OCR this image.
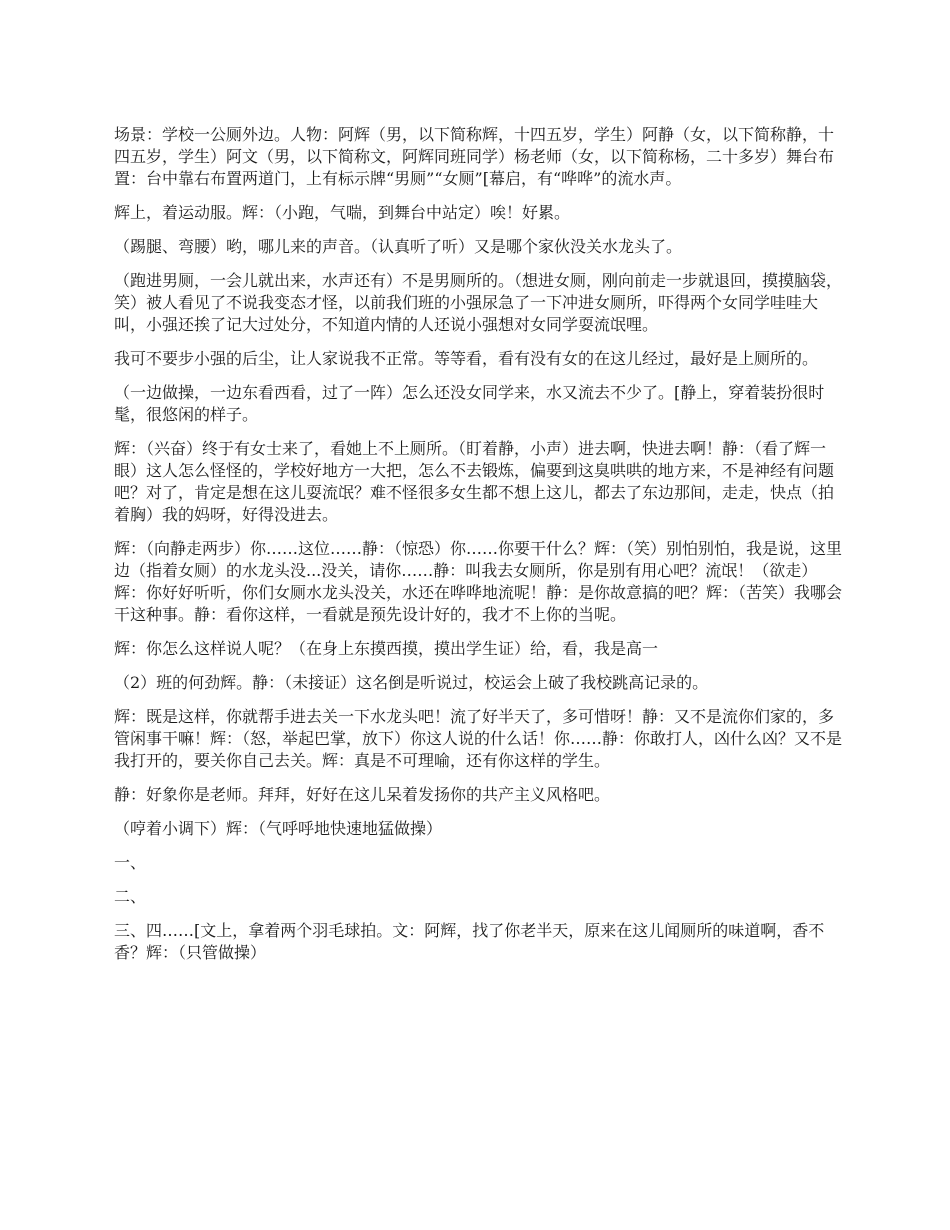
场景：学校一公厕外边。人物：阿辉（男，以下简称辉，十四五岁，学生）阿静（女，以下简称静，十四五岁，学生）阿文（男，以下简称文，阿辉同班同学）杨老师（女，以下简称杨，二十多岁）舞台布置：台中靠右布置两道门，上有标示牌“男厕”“女厕”[幕启，有“哗哗”的流水声。

辉上，着运动服。辉：（小跑，气喘，到舞台中站定）唉！好累。

（踢腿、弯腰）哟，哪儿来的声音。（认真听了听）又是哪个家伙没关水龙头了。

（跑进男厕，一会儿就出来，水声还有）不是男厕所的。（想进女厕，刚向前走一步就退回，摸摸脑袋，笑）被人看见了不说我变态才怪，以前我们班的小强尿急了一下冲进女厕所，吓得两个女同学哇哇大叫，小强还挨了记大过处分，不知道内情的人还说小强想对女同学耍流氓哩。

我可不要步小强的后尘，让人家说我不正常。等等看，看有没有女的在这儿经过，最好是上厕所的。

（一边做操，一边东看西看，过了一阵）怎么还没女同学来，水又流去不少了。[静上，穿着装扮很时髦，很悠闲的样子。

辉：（兴奋）终于有女士来了，看她上不上厕所。（盯着静，小声）进去啊，快进去啊！静：（看了辉一眼）这人怎么怪怪的，学校好地方一大把，怎么不去锻炼，偏要到这臭哄哄的地方来，不是神经有问题吧？对了，肯定是想在这儿耍流氓？难不怪很多女生都不想上这儿，都去了东边那间，走走，快点（拍着胸）我的妈呀，好得没进去。

辉：（向静走两步）你……这位……静：（惊恐）你……你要干什么？辉：（笑）别怕别怕，我是说，这里边（指着女厕）的水龙头没...没关，请你……静：叫我去女厕所，你是别有用心吧？流氓！（欲走）辉：你好好听听，你们女厕水龙头没关，水还在哗哗地流呢！静：是你故意搞的吧？辉：（苦笑）我哪会干这种事。静：看你这样，一看就是预先设计好的，我才不上你的当呢。

辉：你怎么这样说人呢？（在身上东摸西摸，摸出学生证）给，看，我是高一

（2）班的何劲辉。静：（未接证）这名倒是听说过，校运会上破了我校跳高记录的。

辉：既是这样，你就帮手进去关一下水龙头吧！流了好半天了，多可惜呀！静：又不是流你们家的，多管闲事干嘛！辉：（怒，举起巴掌，放下）你这人说的什么话！你……静：你敢打人，凶什么凶？又不是我打开的，要关你自己去关。辉：真是不可理喻，还有你这样的学生。

静：好象你是老师。拜拜，好好在这儿呆着发扬你的共产主义风格吧。

（哼着小调下）辉：（气呼呼地快速地猛做操）

一、

二、

三、四……[文上，拿着两个羽毛球拍。文：阿辉，找了你老半天，原来在这儿闻厕所的味道啊，香不香？辉：（只管做操）
